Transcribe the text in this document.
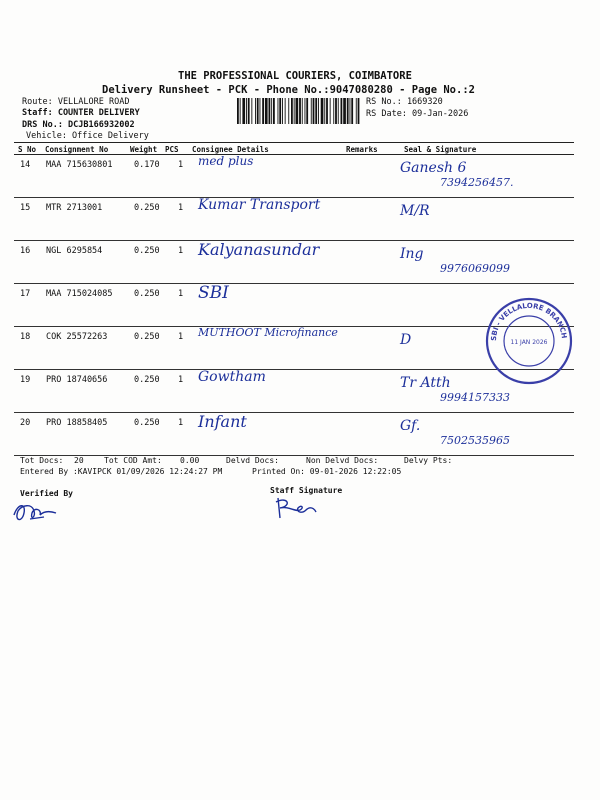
THE PROFESSIONAL COURIERS, COIMBATORE
Delivery Runsheet - PCK - Phone No.:9047080280 - Page No.:2
Route: VELLALORE ROAD
Staff: COUNTER DELIVERY
DRS No.: DCJB166932002
Vehicle: Office Delivery
RS No.: 1669320
RS Date: 09-Jan-2026
S No Consignment No	Weight PCS Consignee Details	Remarks	Seal & Signature
14 MAA 715630801	0.170 1 med plus	Ganesh 6
7394256457.
15 MTR 2713001	0.250 1 Kumar Transport	M/R
16 NGL 6295854	0.250 1 Kalyanasundar	Ing
9976069099
17 MAA 715024085	0.250 1 SBI
18 COK 25572263	0.250 1 MUTHOOT Microfinance	D
19 PRO 18740656	0.250 1 Gowtham	Tr Atth
9994157333
20 PRO 18858405	0.250 1 Infant	Gf.
7502535965
SBI - VELLALORE BRANCH
11 JAN 2026
Tot Docs: 20	Tot COD Amt: 0.00	Delvd Docs:	Non Delvd Docs:	Delvy Pts:
Entered By :KAVIPCK 01/09/2026 12:24:27 PM	Printed On: 09-01-2026 12:22:05
Verified By	Staff Signature
